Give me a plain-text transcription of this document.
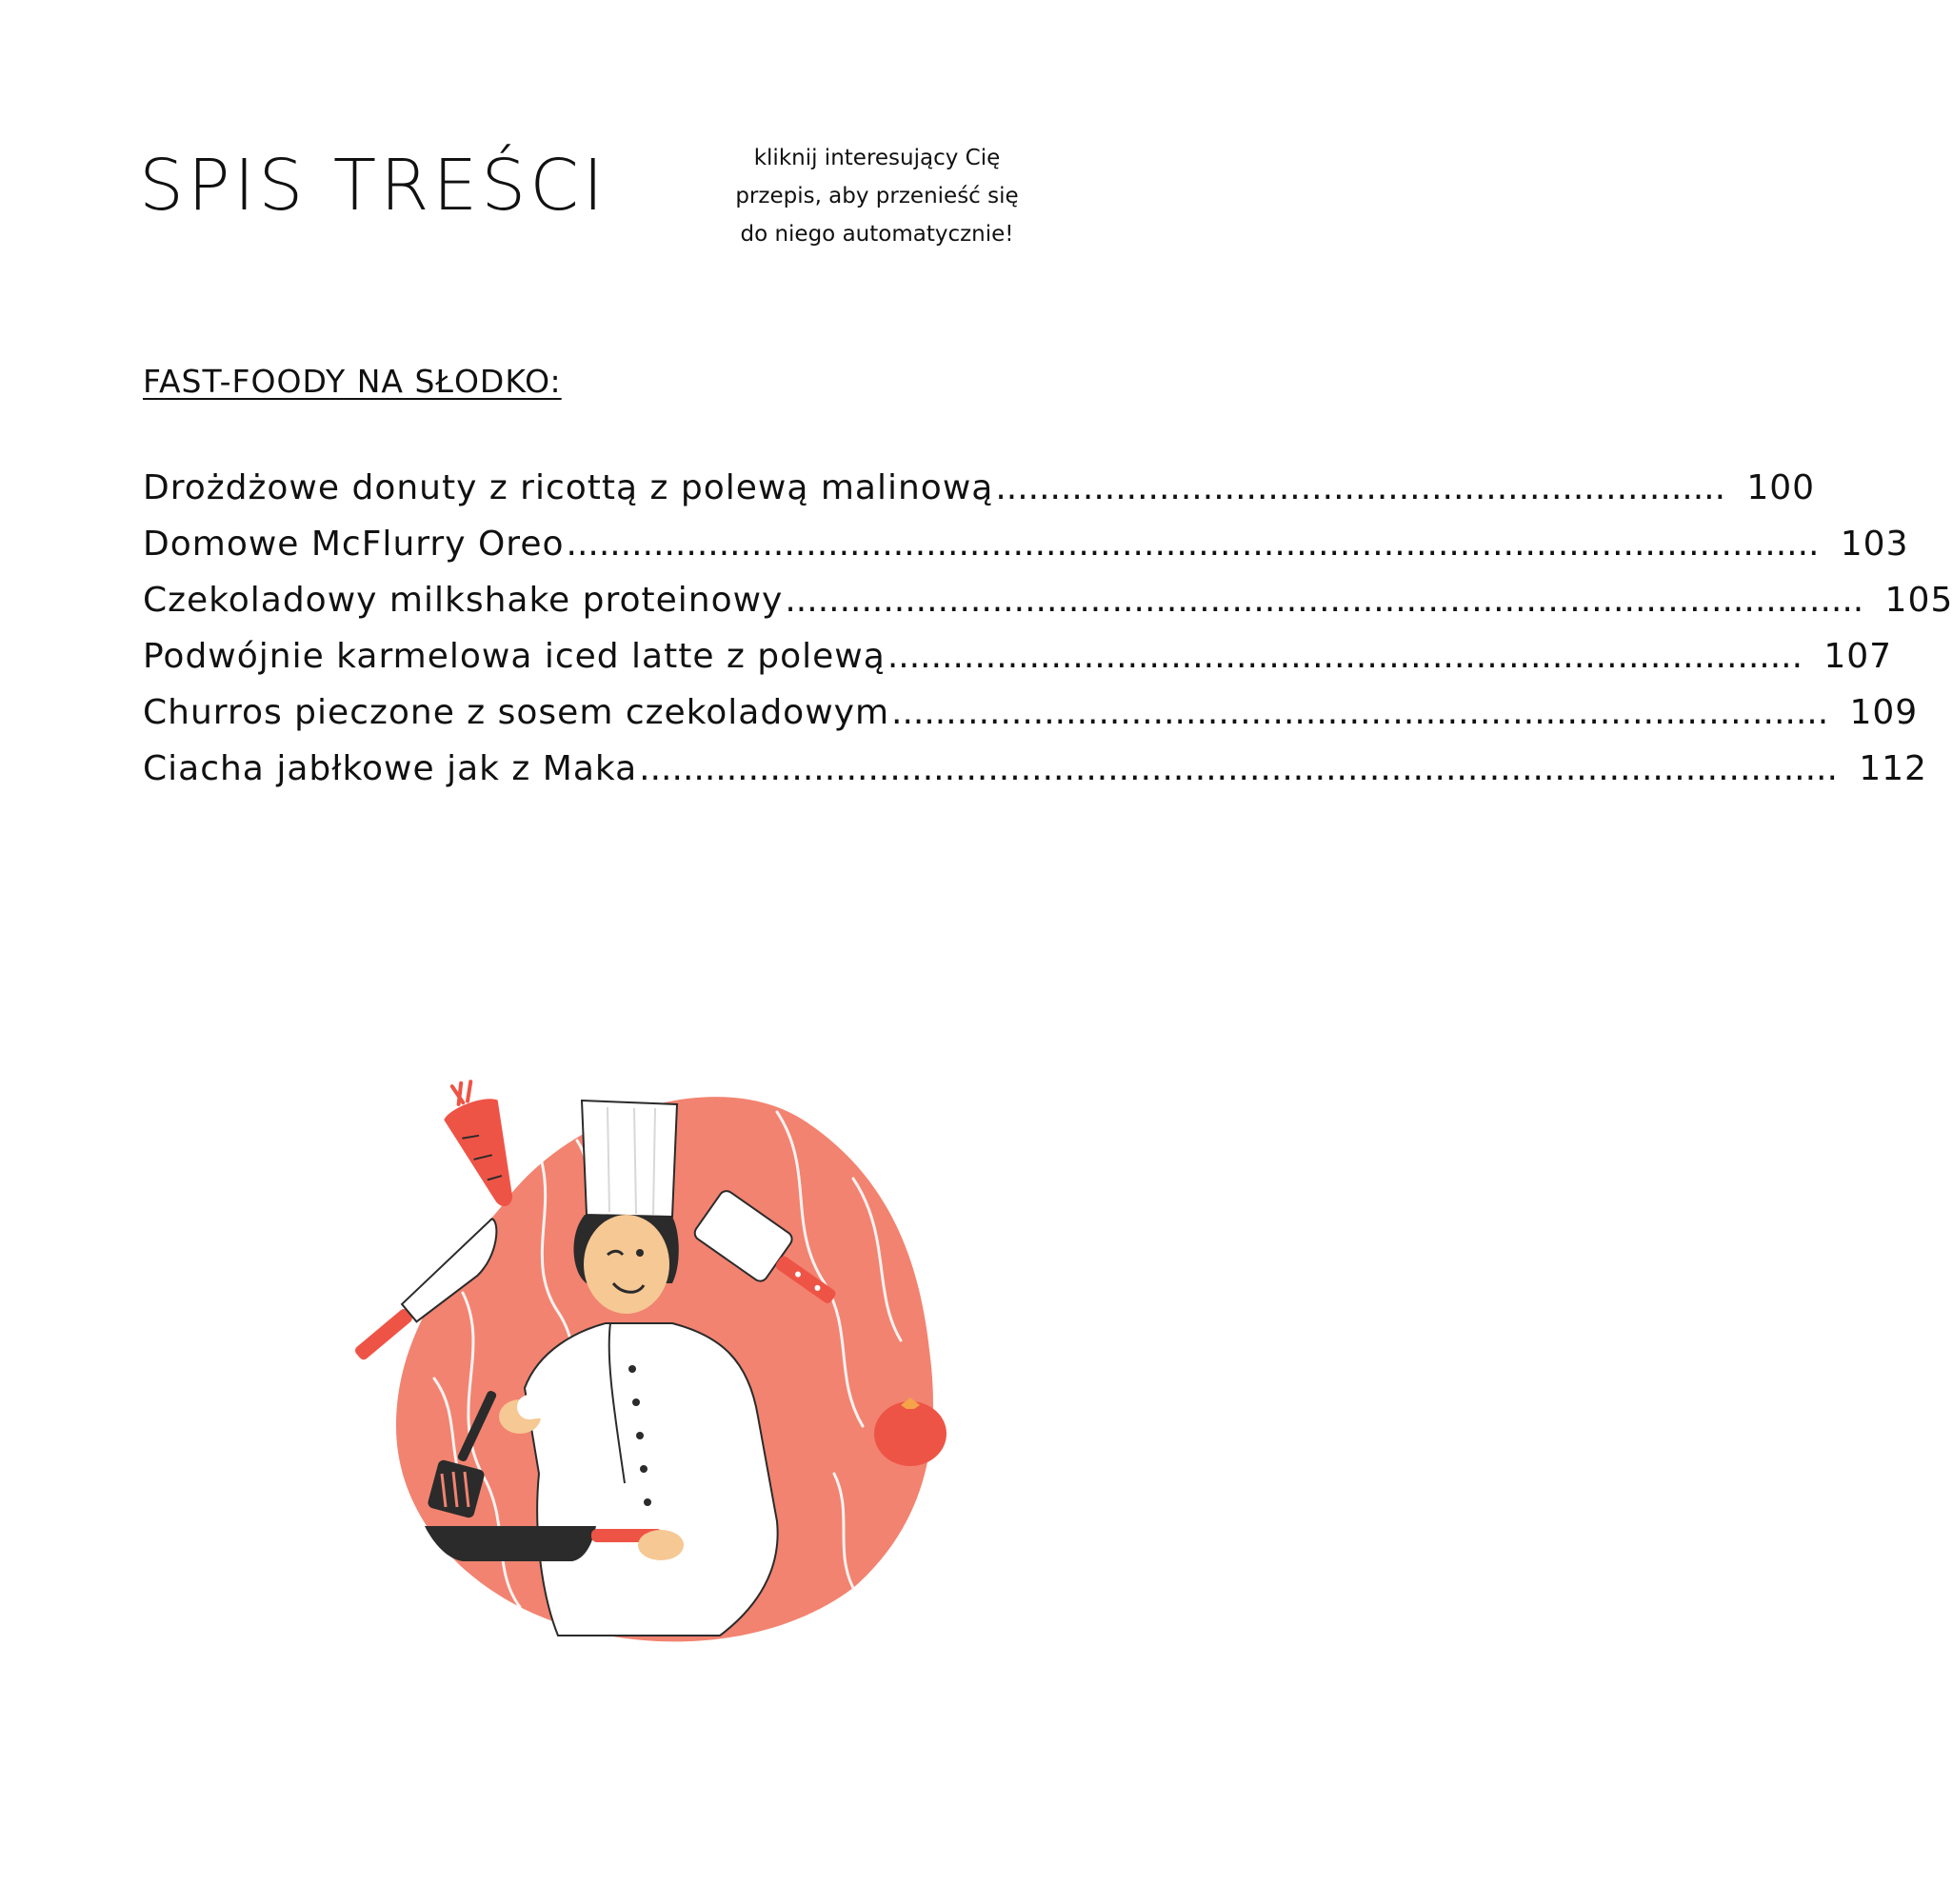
SPIS TREŚCI	kliknij interesujący Cię
przepis, aby przenieść się
do niego automatycznie!
FAST-FOODY NA SŁODKO:
Drożdżowe donuty z ricottą z polewą malinową ................................................................... 100
Domowe McFlurry Oreo ................................................................................................................... 103
Czekoladowy milkshake proteinowy ................................................................................................... 105
Podwójnie karmelowa iced latte z polewą .................................................................................... 107
Churros pieczone z sosem czekoladowym ...................................................................................... 109
Ciacha jabłkowe jak z Maka .............................................................................................................. 112
